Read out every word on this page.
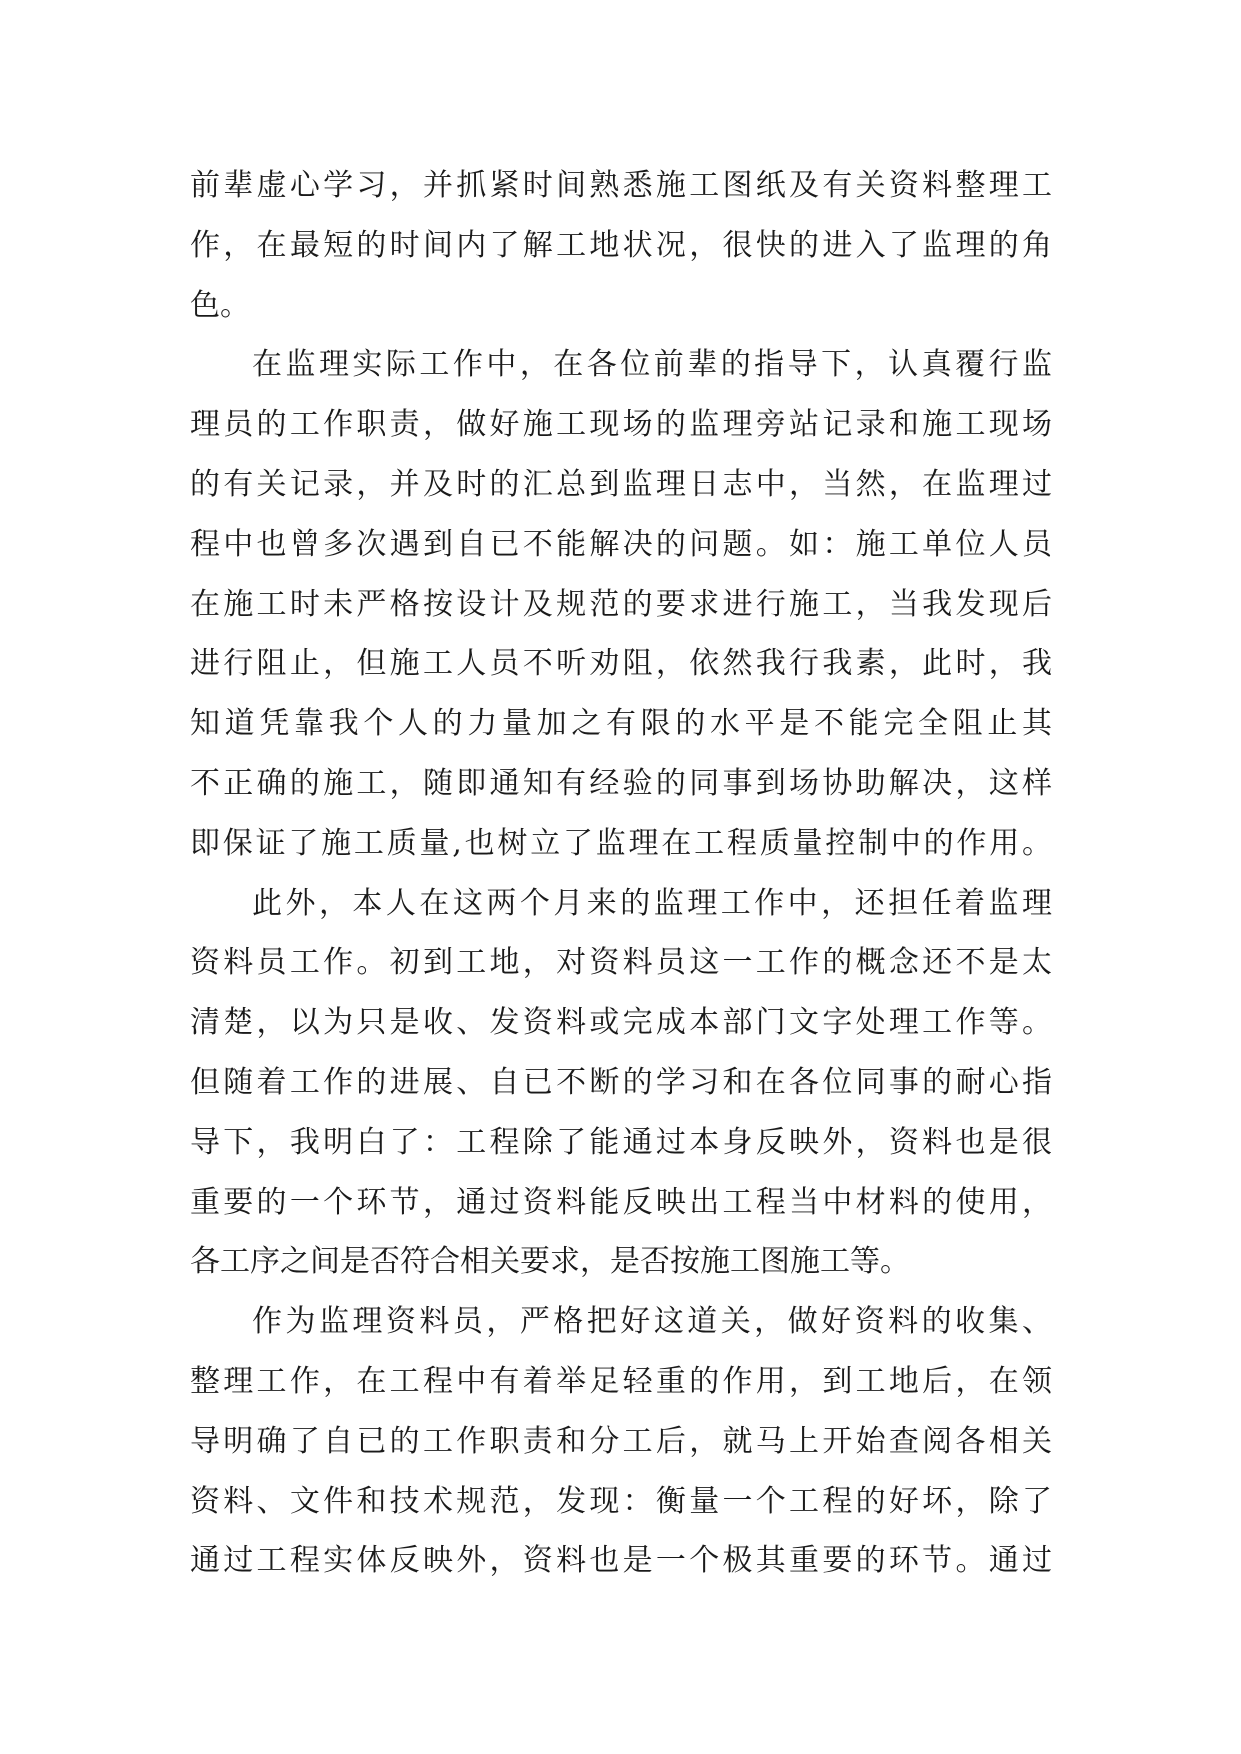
前辈虚心学习，并抓紧时间熟悉施工图纸及有关资料整理工
作，在最短的时间内了解工地状况，很快的进入了监理的角
色。
在监理实际工作中，在各位前辈的指导下，认真覆行监
理员的工作职责，做好施工现场的监理旁站记录和施工现场
的有关记录，并及时的汇总到监理日志中，当然，在监理过
程中也曾多次遇到自已不能解决的问题。如：施工单位人员
在施工时未严格按设计及规范的要求进行施工，当我发现后
进行阻止，但施工人员不听劝阻，依然我行我素，此时，我
知道凭靠我个人的力量加之有限的水平是不能完全阻止其
不正确的施工，随即通知有经验的同事到场协助解决，这样
即保证了施工质量,也树立了监理在工程质量控制中的作用。
此外，本人在这两个月来的监理工作中，还担任着监理
资料员工作。初到工地，对资料员这一工作的概念还不是太
清楚，以为只是收、发资料或完成本部门文字处理工作等。
但随着工作的进展、自已不断的学习和在各位同事的耐心指
导下，我明白了：工程除了能通过本身反映外，资料也是很
重要的一个环节，通过资料能反映出工程当中材料的使用，
各工序之间是否符合相关要求，是否按施工图施工等。
作为监理资料员，严格把好这道关，做好资料的收集、
整理工作，在工程中有着举足轻重的作用，到工地后，在领
导明确了自已的工作职责和分工后，就马上开始查阅各相关
资料、文件和技术规范，发现：衡量一个工程的好坏，除了
通过工程实体反映外，资料也是一个极其重要的环节。通过
